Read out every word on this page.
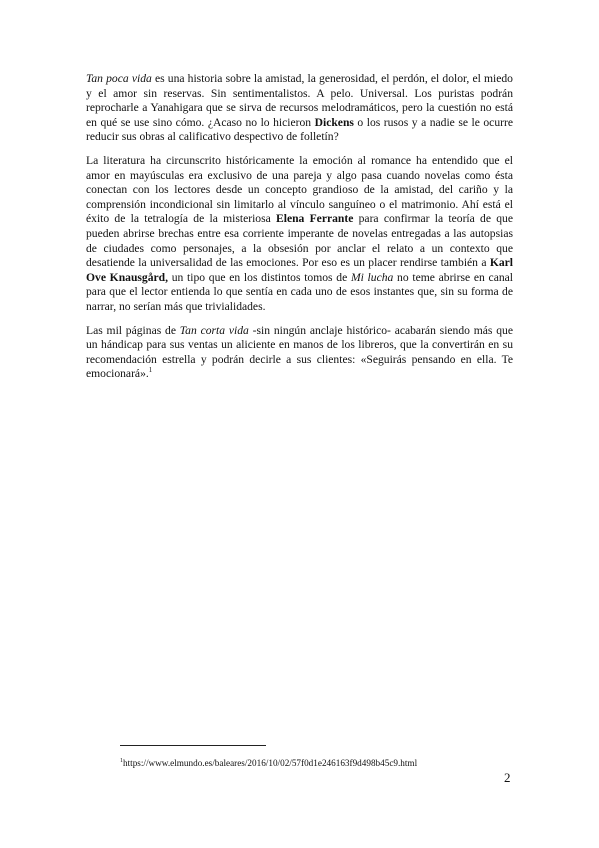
Tan poca vida es una historia sobre la amistad, la generosidad, el perdón, el dolor, el miedo y el amor sin reservas. Sin sentimentalistos. A pelo. Universal. Los puristas podrán reprocharle a Yanahigara que se sirva de recursos melodramáticos, pero la cuestión no está en qué se use sino cómo. ¿Acaso no lo hicieron Dickens o los rusos y a nadie se le ocurre reducir sus obras al calificativo despectivo de folletín?

La literatura ha circunscrito históricamente la emoción al romance ha entendido que el amor en mayúsculas era exclusivo de una pareja y algo pasa cuando novelas como ésta conectan con los lectores desde un concepto grandioso de la amistad, del cariño y la comprensión incondicional sin limitarlo al vínculo sanguíneo o el matrimonio. Ahí está el éxito de la tetralogía de la misteriosa Elena Ferrante para confirmar la teoría de que pueden abrirse brechas entre esa corriente imperante de novelas entregadas a las autopsias de ciudades como personajes, a la obsesión por anclar el relato a un contexto que desatiende la universalidad de las emociones. Por eso es un placer rendirse también a Karl Ove Knausgård, un tipo que en los distintos tomos de Mi lucha no teme abrirse en canal para que el lector entienda lo que sentía en cada uno de esos instantes que, sin su forma de narrar, no serían más que trivialidades.

Las mil páginas de Tan corta vida -sin ningún anclaje histórico- acabarán siendo más que un hándicap para sus ventas un aliciente en manos de los libreros, que la convertirán en su recomendación estrella y podrán decirle a sus clientes: «Seguirás pensando en ella. Te emocionará».$^1$

$^1$https://www.elmundo.es/baleares/2016/10/02/57f0d1e246163f9d498b45c9.html
2
